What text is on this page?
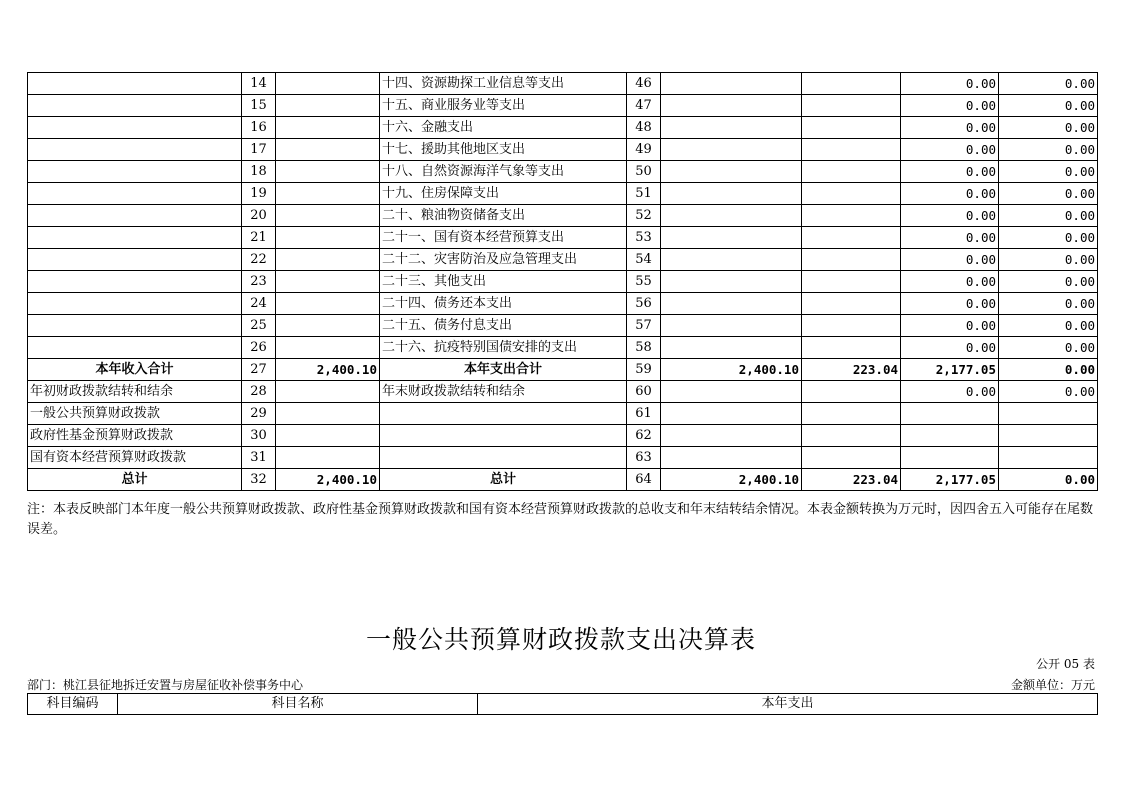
	14		十四、资源勘探工业信息等支出	46			0.00	0.00
	15		十五、商业服务业等支出	47			0.00	0.00
	16		十六、金融支出	48			0.00	0.00
	17		十七、援助其他地区支出	49			0.00	0.00
	18		十八、自然资源海洋气象等支出	50			0.00	0.00
	19		十九、住房保障支出	51			0.00	0.00
	20		二十、粮油物资储备支出	52			0.00	0.00
	21		二十一、国有资本经营预算支出	53			0.00	0.00
	22		二十二、灾害防治及应急管理支出	54			0.00	0.00
	23		二十三、其他支出	55			0.00	0.00
	24		二十四、债务还本支出	56			0.00	0.00
	25		二十五、债务付息支出	57			0.00	0.00
	26		二十六、抗疫特别国债安排的支出	58			0.00	0.00
本年收入合计	27	2,400.10	本年支出合计	59	2,400.10	223.04	2,177.05	0.00
年初财政拨款结转和结余	28		年末财政拨款结转和结余	60			0.00	0.00
一般公共预算财政拨款	29			61				
政府性基金预算财政拨款	30			62				
国有资本经营预算财政拨款	31			63				
总计	32	2,400.10	总计	64	2,400.10	223.04	2,177.05	0.00
注：本表反映部门本年度一般公共预算财政拨款、政府性基金预算财政拨款和国有资本经营预算财政拨款的总收支和年末结转结余情况。本表金额转换为万元时，因四舍五入可能存在尾数误差。
一般公共预算财政拨款支出决算表
公开 05 表
部门：桃江县征地拆迁安置与房屋征收补偿事务中心	金额单位：万元
科目编码	科目名称	本年支出
